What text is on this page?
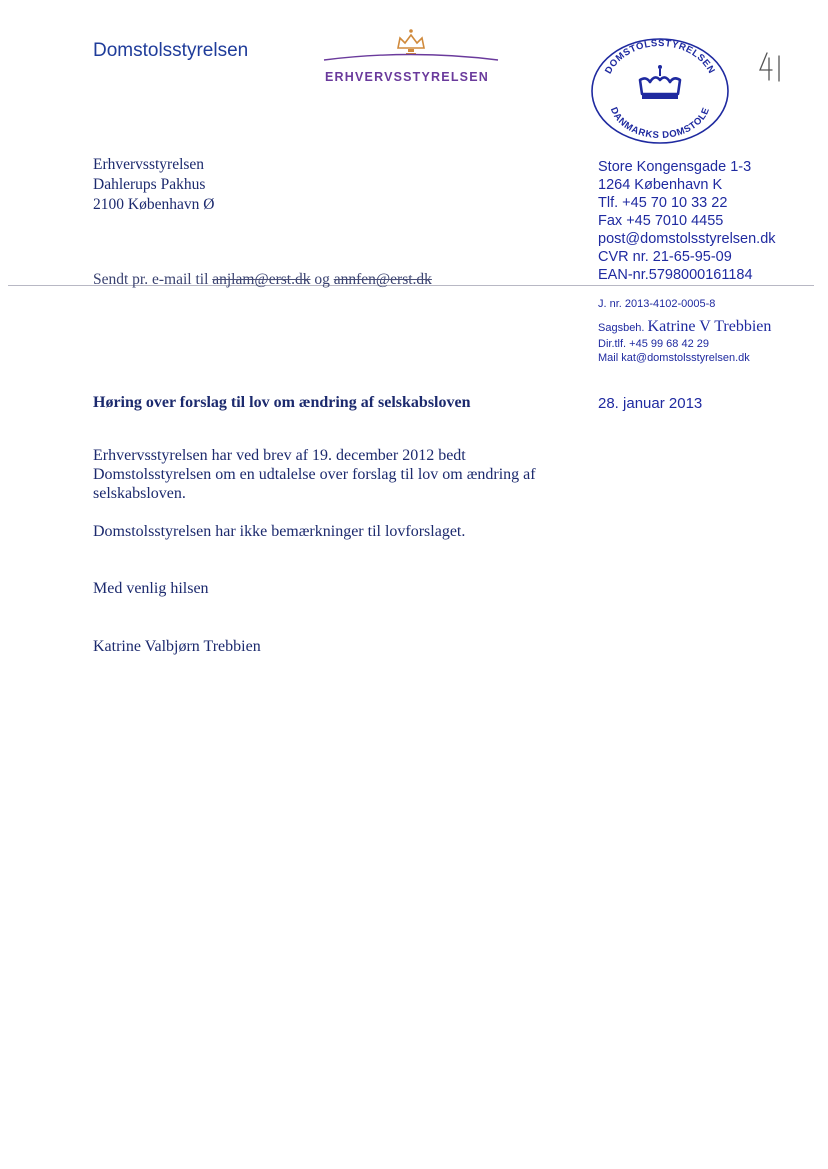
Domstolsstyrelsen
ERHVERVSSTYRELSEN
DOMSTOLSSTYRELSEN
DANMARKS DOMSTOLE
Erhvervsstyrelsen
Dahlerups Pakhus
2100 København Ø
Store Kongensgade 1-3
1264 København K
Tlf. +45 70 10 33 22
Fax +45 7010 4455
post@domstolsstyrelsen.dk
CVR nr. 21-65-95-09
EAN-nr.5798000161184
Sendt pr. e-mail til anjlam@erst.dk og annfen@erst.dk
J. nr. 2013-4102-0005-8
Sagsbeh. Katrine V Trebbien
Dir.tlf. +45 99 68 42 29
Mail kat@domstolsstyrelsen.dk
Høring over forslag til lov om ændring af selskabsloven	28. januar 2013
Erhvervsstyrelsen har ved brev af 19. december 2012 bedt
Domstolsstyrelsen om en udtalelse over forslag til lov om ændring af
selskabsloven.
Domstolsstyrelsen har ikke bemærkninger til lovforslaget.
Med venlig hilsen
Katrine Valbjørn Trebbien
